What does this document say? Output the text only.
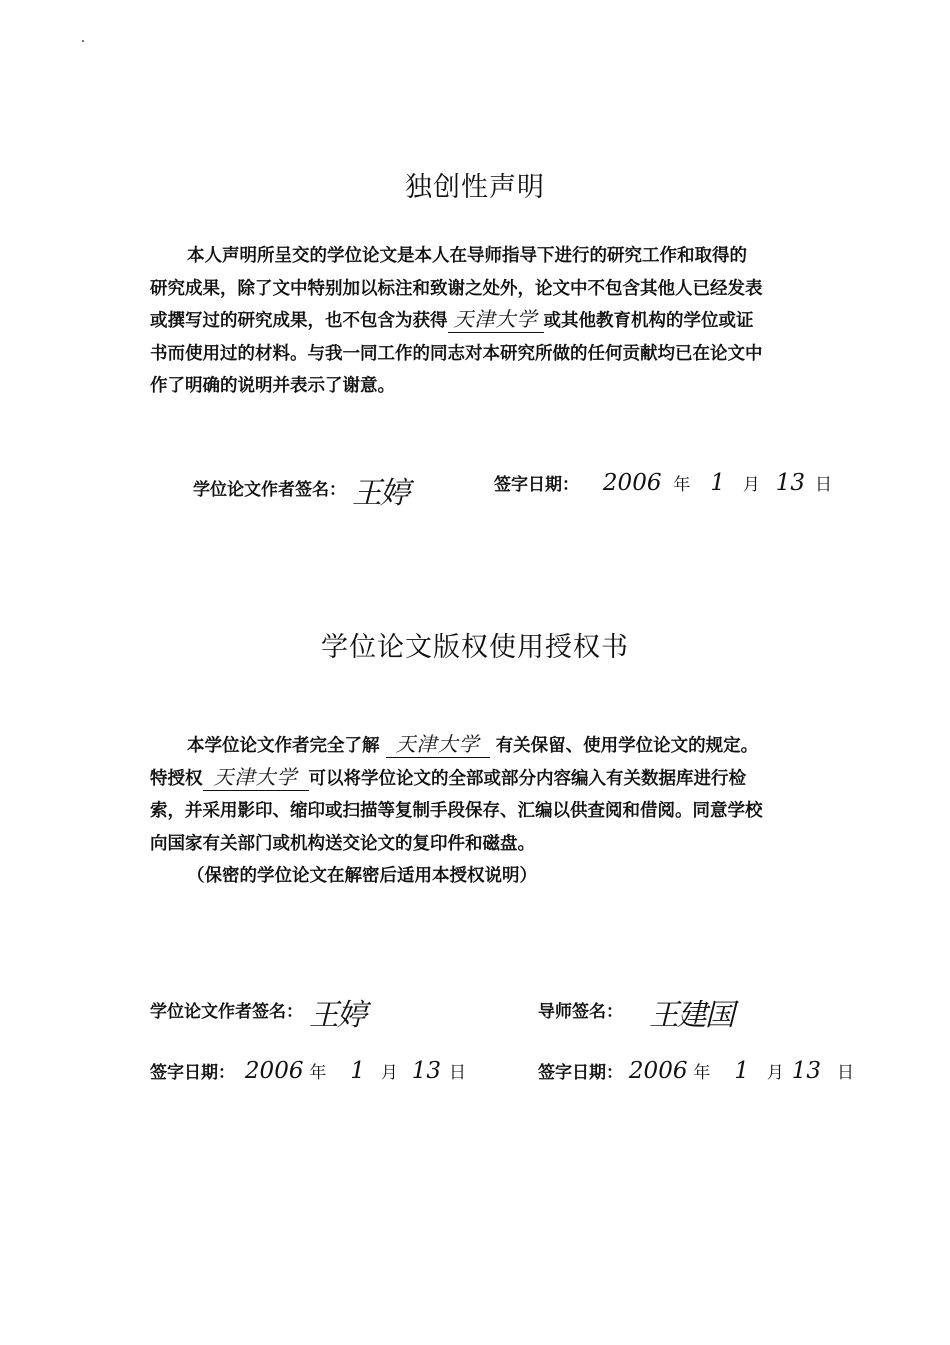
独创性声明
本人声明所呈交的学位论文是本人在导师指导下进行的研究工作和取得的
研究成果，除了文中特别加以标注和致谢之处外，论文中不包含其他人已经发表
或撰写过的研究成果，也不包含为获得 天津大学 或其他教育机构的学位或证
书而使用过的材料。与我一同工作的同志对本研究所做的任何贡献均已在论文中
作了明确的说明并表示了谢意。
学位论文作者签名： 王婷	签字日期： 2006 年 1 月 13 日
学位论文版权使用授权书
本学位论文作者完全了解 天津大学 有关保留、使用学位论文的规定。
特授权 天津大学 可以将学位论文的全部或部分内容编入有关数据库进行检
索，并采用影印、缩印或扫描等复制手段保存、汇编以供查阅和借阅。同意学校
向国家有关部门或机构送交论文的复印件和磁盘。
（保密的学位论文在解密后适用本授权说明）
学位论文作者签名： 王婷	导师签名： 王建国
签字日期： 2006 年 1 月 13 日	签字日期： 2006 年 1 月 13 日
